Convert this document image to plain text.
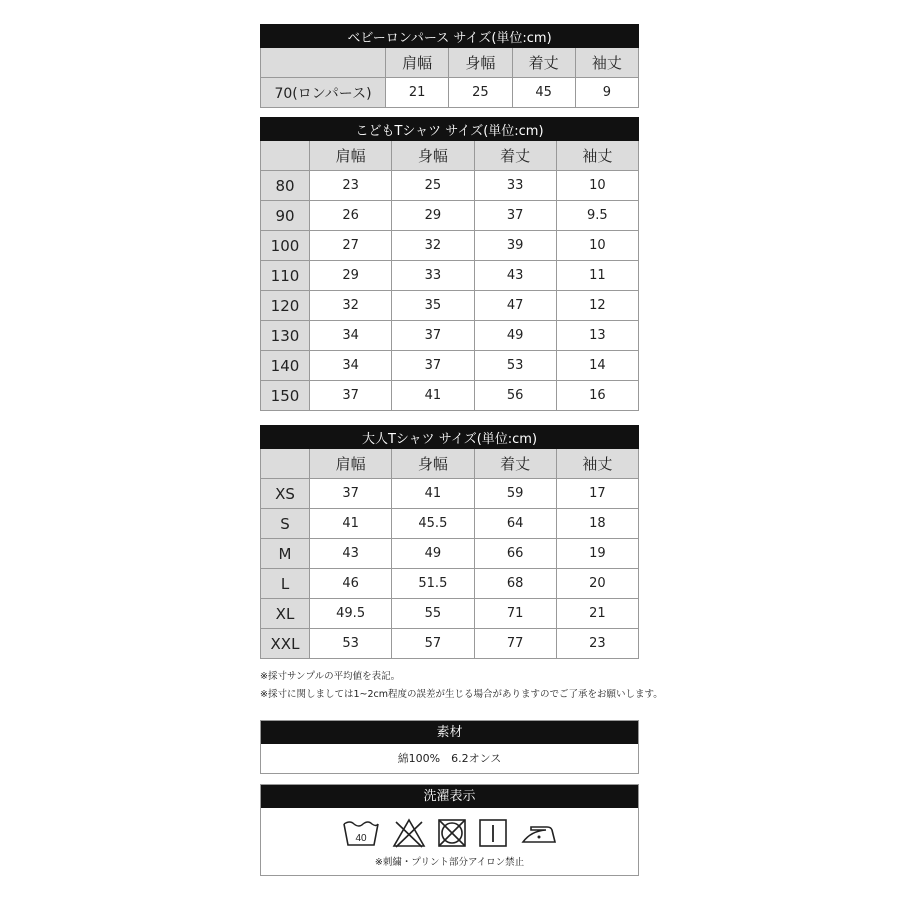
ベビーロンパース サイズ(単位:cm)				
	肩幅	身幅	着丈	袖丈
70(ロンパース)	21	25	45	9
こどもTシャツ サイズ(単位:cm)				
	肩幅	身幅	着丈	袖丈
80	23	25	33	10
90	26	29	37	9.5
100	27	32	39	10
110	29	33	43	11
120	32	35	47	12
130	34	37	49	13
140	34	37	53	14
150	37	41	56	16
大人Tシャツ サイズ(単位:cm)				
	肩幅	身幅	着丈	袖丈
XS	37	41	59	17
S	41	45.5	64	18
M	43	49	66	19
L	46	51.5	68	20
XL	49.5	55	71	21
XXL	53	57	77	23
※採寸サンプルの平均値を表記。
※採寸に関しましては1~2cm程度の誤差が生じる場合がありますのでご了承をお願いします。
素材
綿100%　6.2オンス
洗濯表示
40
※刺繍・プリント部分アイロン禁止
